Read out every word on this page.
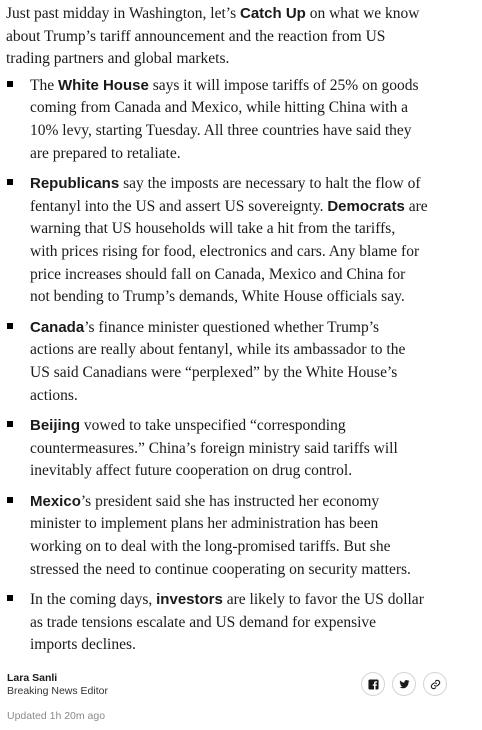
Just past midday in Washington, let’s Catch Up on what we know
about Trump’s tariff announcement and the reaction from US
trading partners and global markets.

The White House says it will impose tariffs of 25% on goods
coming from Canada and Mexico, while hitting China with a
10% levy, starting Tuesday. All three countries have said they
are prepared to retaliate.
Republicans say the imposts are necessary to halt the flow of
fentanyl into the US and assert US sovereignty. Democrats are
warning that US households will take a hit from the tariffs,
with prices rising for food, electronics and cars. Any blame for
price increases should fall on Canada, Mexico and China for
not bending to Trump’s demands, White House officials say.
Canada’s finance minister questioned whether Trump’s
actions are really about fentanyl, while its ambassador to the
US said Canadians were “perplexed” by the White House’s
actions.
Beijing vowed to take unspecified “corresponding
countermeasures.” China’s foreign ministry said tariffs will
inevitably affect future cooperation on drug control.
Mexico’s president said she has instructed her economy
minister to implement plans her administration has been
working on to deal with the long-promised tariffs. But she
stressed the need to continue cooperating on security matters.
In the coming days, investors are likely to favor the US dollar
as trade tensions escalate and US demand for expensive
imports declines.
Lara Sanli
Breaking News Editor
Updated 1h 20m ago
